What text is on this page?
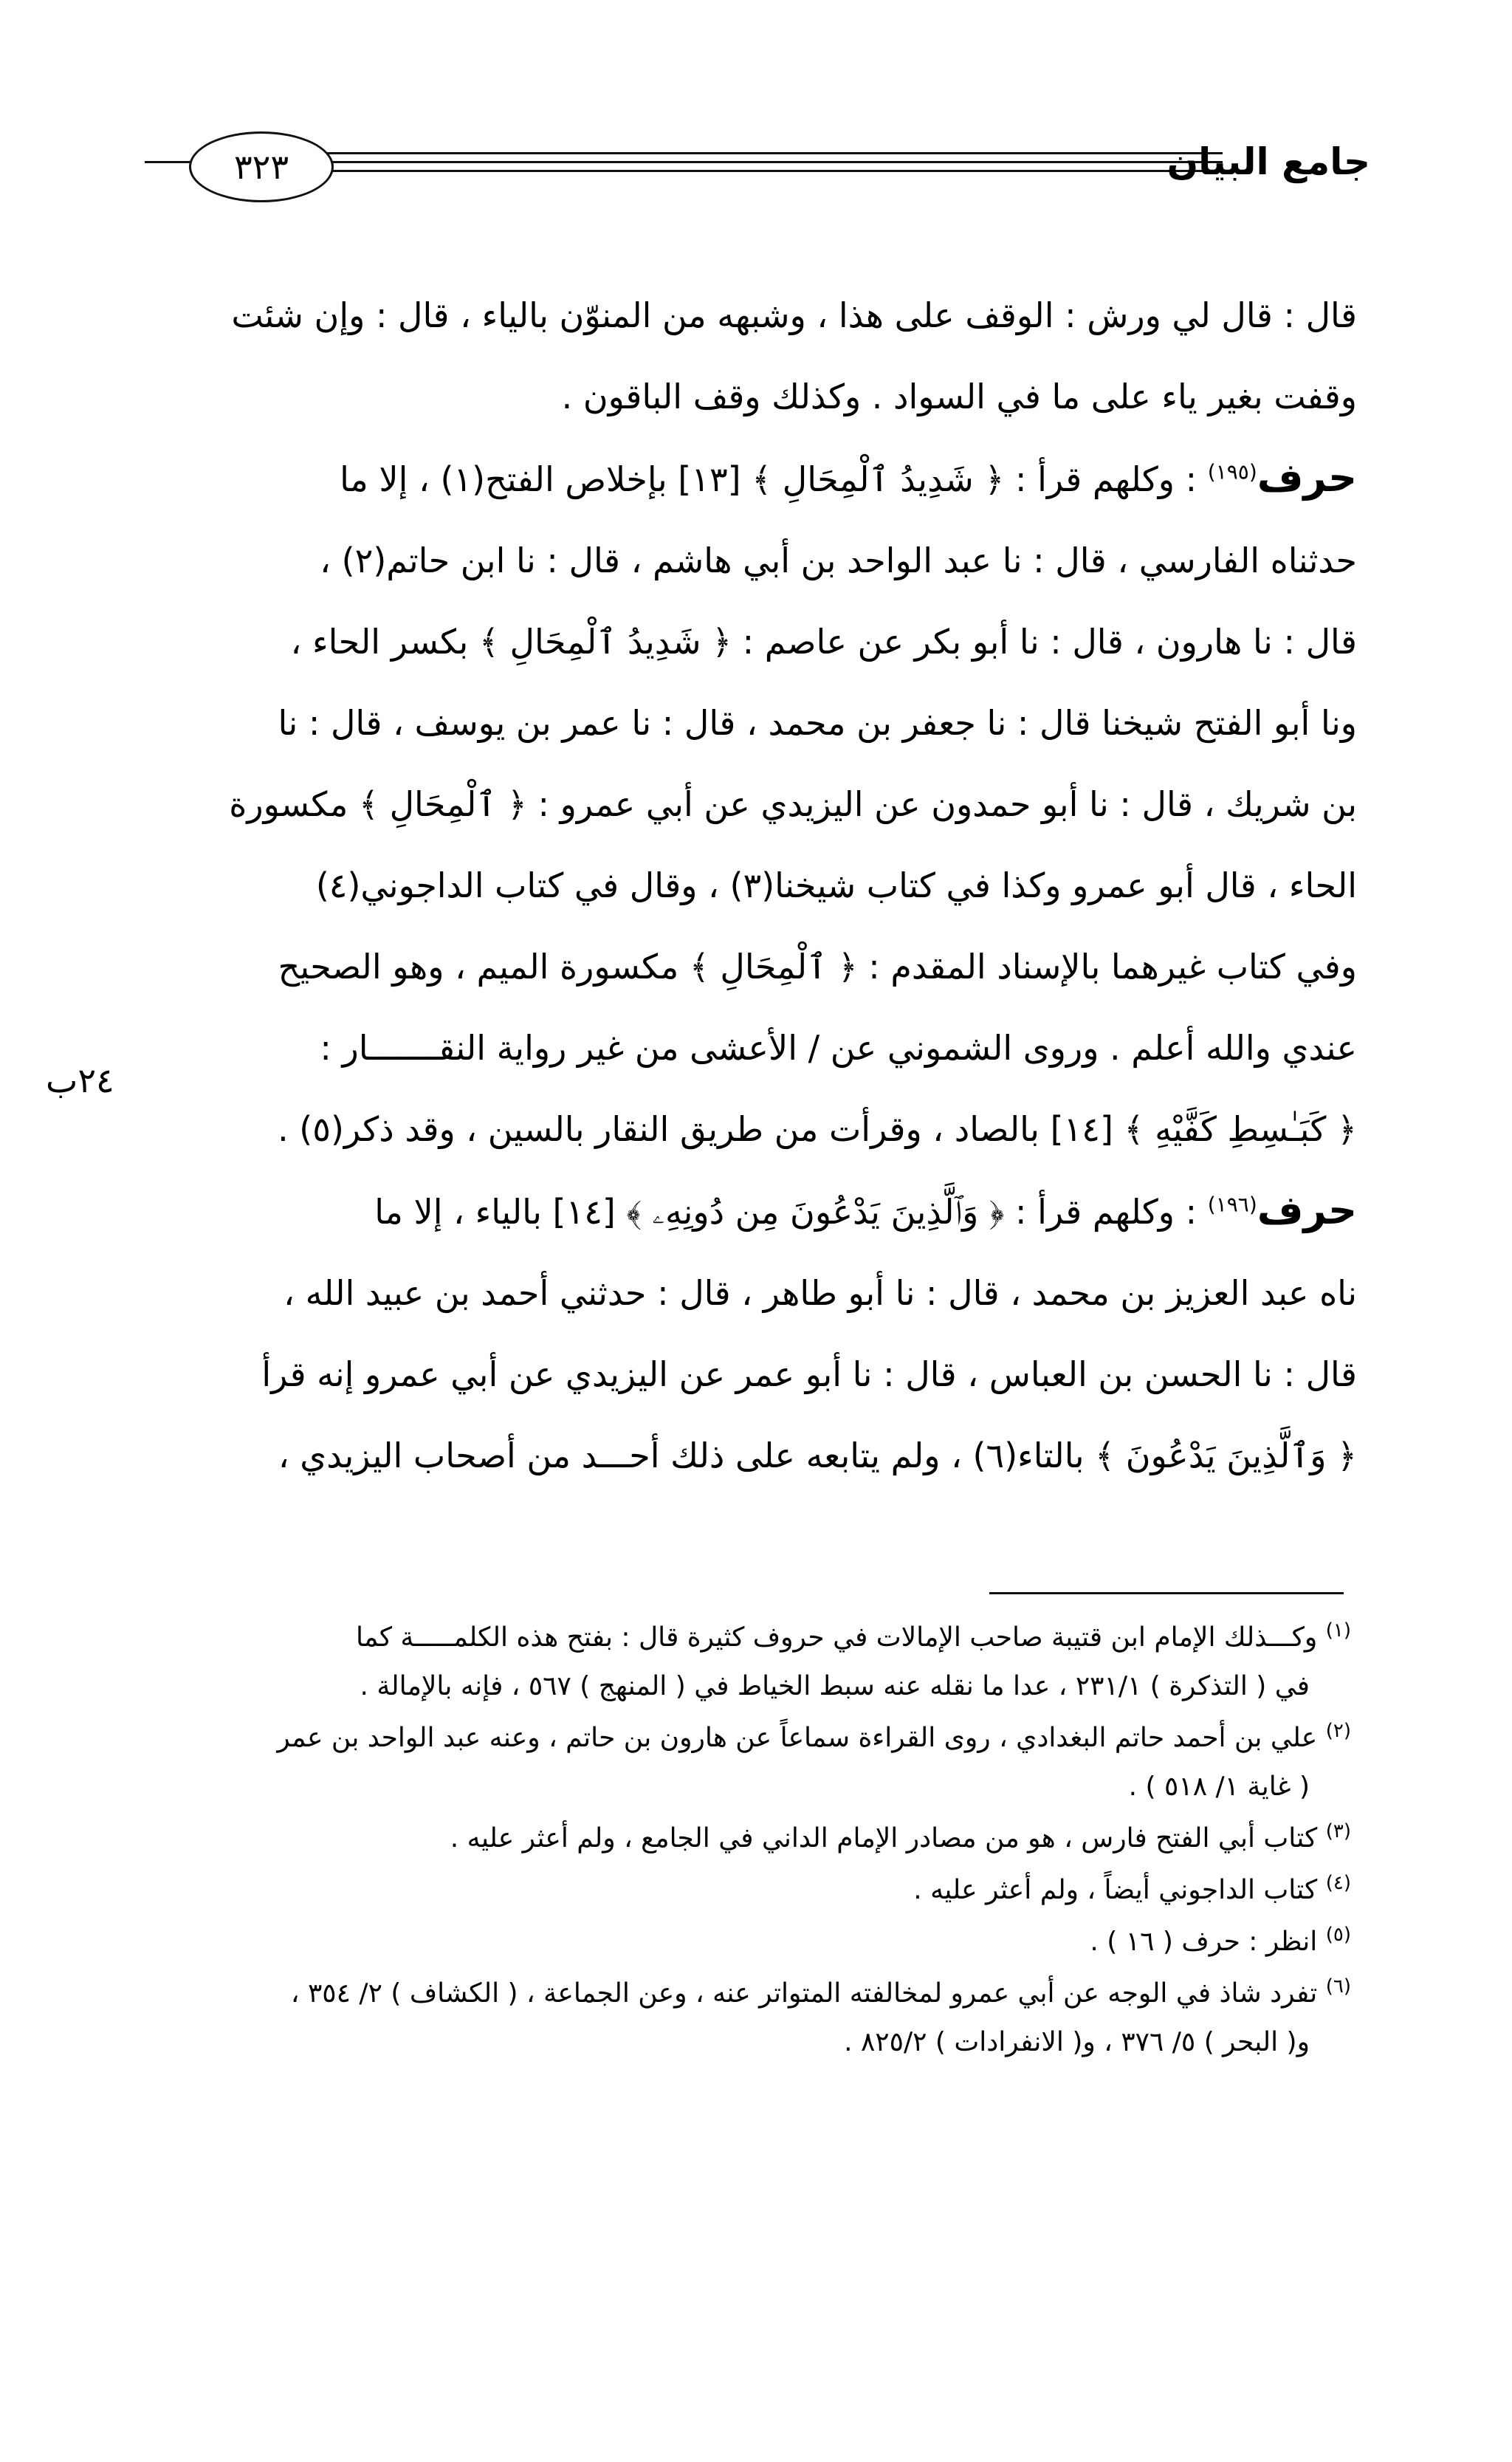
٣٢٣	جامع البيان
٢٤ب

قال : قال لي ورش : الوقف على هذا ، وشبهه من المنوّن بالياء ، قال : وإن شئت
وقفت بغير ياء على ما في السواد . وكذلك وقف الباقون .

حرف$^{(١٩٥)}$ : وكلهم قرأ : ﴿ شَدِيدُ ٱلْمِحَالِ ﴾ [١٣] بإخلاص الفتح(١) ، إلا ما
حدثناه الفارسي ، قال : نا عبد الواحد بن أبي هاشم ، قال : نا ابن حاتم(٢) ،
قال : نا هارون ، قال : نا أبو بكر عن عاصم : ﴿ شَدِيدُ ٱلْمِحَالِ ﴾ بكسر الحاء ،
ونا أبو الفتح شيخنا قال : نا جعفر بن محمد ، قال : نا عمر بن يوسف ، قال : نا
بن شريك ، قال : نا أبو حمدون عن اليزيدي عن أبي عمرو : ﴿ ٱلْمِحَالِ ﴾ مكسورة
الحاء ، قال أبو عمرو وكذا في كتاب شيخنا(٣) ، وقال في كتاب الداجوني(٤)
وفي كتاب غيرهما بالإسناد المقدم : ﴿ ٱلْمِحَالِ ﴾ مكسورة الميم ، وهو الصحيح
عندي والله أعلم . وروى الشموني عن / الأعشى من غير رواية النقـــــــار :
﴿ كَبَـٰسِطِ كَفَّيْهِ ﴾ [١٤] بالصاد ، وقرأت من طريق النقار بالسين ، وقد ذكر(٥) .

حرف$^{(١٩٦)}$ : وكلهم قرأ : ﴿ وَٱلَّذِينَ يَدْعُونَ مِن دُونِهِۦ ﴾ [١٤] بالياء ، إلا ما
ناه عبد العزيز بن محمد ، قال : نا أبو طاهر ، قال : حدثني أحمد بن عبيد الله ،
قال : نا الحسن بن العباس ، قال : نا أبو عمر عن اليزيدي عن أبي عمرو إنه قرأ
﴿ وَٱلَّذِينَ يَدْعُونَ ﴾ بالتاء(٦) ، ولم يتابعه على ذلك أحـــد من أصحاب اليزيدي ،

$^{(١)}$ وكـــذلك الإمام ابن قتيبة صاحب الإمالات في حروف كثيرة قال : بفتح هذه الكلمـــــة كما
في ( التذكرة ) ٢٣١/١ ، عدا ما نقله عنه سبط الخياط في ( المنهج ) ٥٦٧ ، فإنه بالإمالة .
$^{(٢)}$ علي بن أحمد حاتم البغدادي ، روى القراءة سماعاً عن هارون بن حاتم ، وعنه عبد الواحد بن عمر
( غاية ١/ ٥١٨ ) .
$^{(٣)}$ كتاب أبي الفتح فارس ، هو من مصادر الإمام الداني في الجامع ، ولم أعثر عليه .
$^{(٤)}$ كتاب الداجوني أيضاً ، ولم أعثر عليه .
$^{(٥)}$ انظر : حرف ( ١٦ ) .
$^{(٦)}$ تفرد شاذ في الوجه عن أبي عمرو لمخالفته المتواتر عنه ، وعن الجماعة ، ( الكشاف ) ٢/ ٣٥٤ ،
و( البحر ) ٥/ ٣٧٦ ، و( الانفرادات ) ٨٢٥/٢ .
